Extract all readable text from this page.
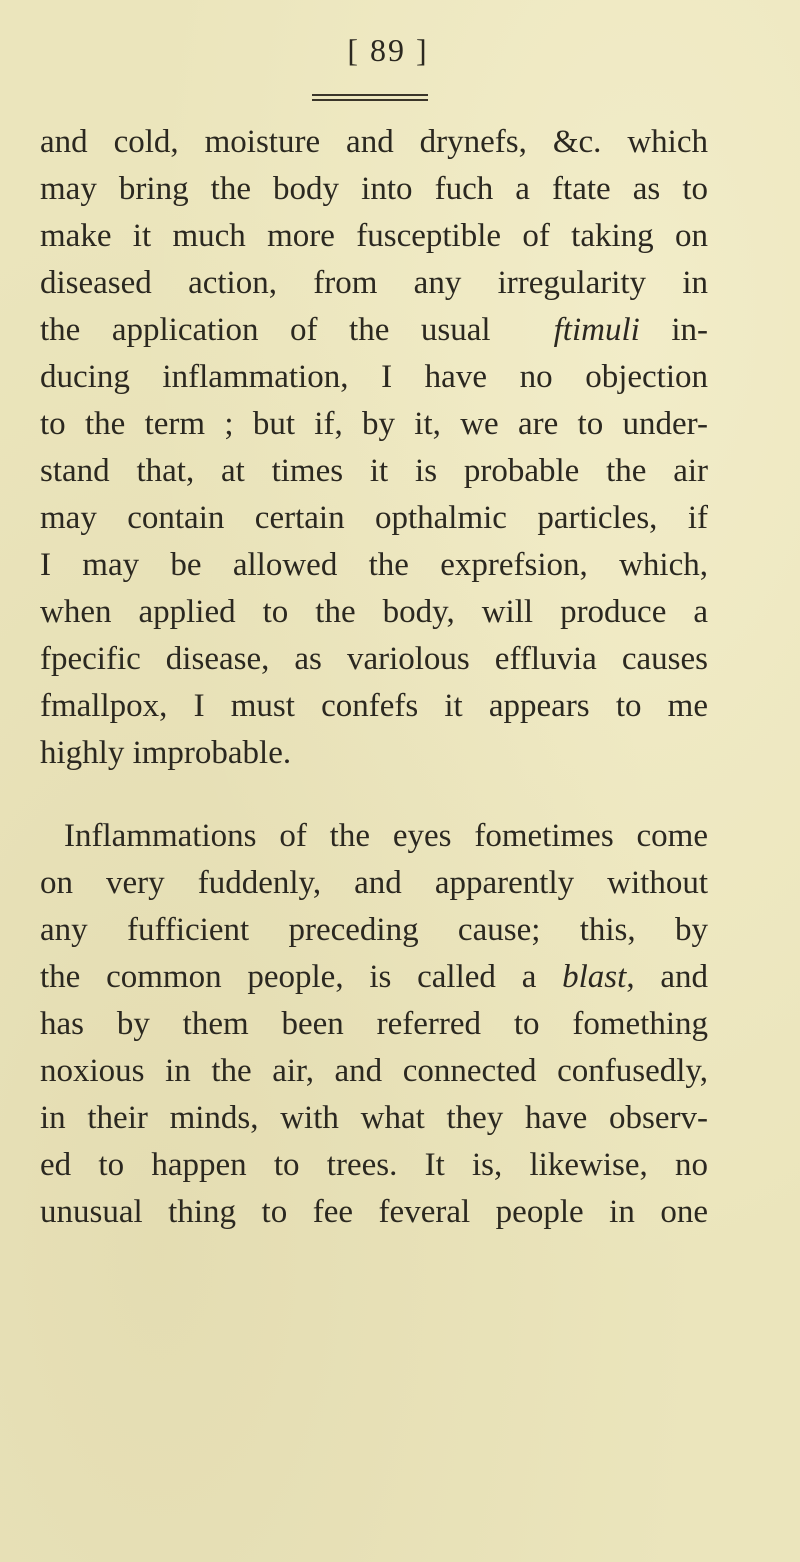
[ 89 ]
and cold, moisture and drynefs, &c. which
may bring the body into fuch a ftate as to
make it much more fusceptible of taking on
diseased action, from any irregularity in
the application of the usual ftimuli in-
ducing inflammation, I have no objection
to the term ; but if, by it, we are to under-
stand that, at times it is probable the air
may contain certain opthalmic particles, if
I may be allowed the exprefsion, which,
when applied to the body, will produce a
fpecific disease, as variolous effluvia causes
fmallpox, I must confefs it appears to me
highly improbable.
Inflammations of the eyes fometimes come
on very fuddenly, and apparently without
any fufficient preceding cause; this, by
the common people, is called a blast, and
has by them been referred to fomething
noxious in the air, and connected confusedly,
in their minds, with what they have observ-
ed to happen to trees. It is, likewise, no
unusual thing to fee feveral people in one
